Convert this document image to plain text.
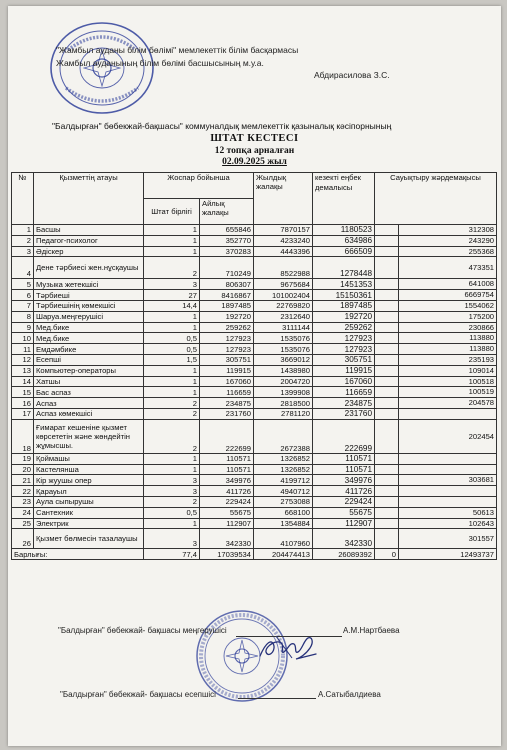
"Жамбыл ауданы білім бөлімі" мемлекеттік білім басқармасы
Жамбыл ауданының білім бөлімі басшысының м.у.а.
Абдирасилова З.С.
"Балдырған" бөбекжай-бақшасы" коммуналдық мемлекеттік қазыналық кәсіпорнының
ШТАТ КЕСТЕСІ
12 топқа арналған
02.09.2025 жыл
№	Қызметтің атауы	Жоспар бойынша		Жылдық жалақы	кезекті еңбек демалысы	Сауықтыру жәрдемақысы	
		Штат бірлігі	Айлық жалақы				
1	Басшы	1	655846	7870157	1180523		312308
2	Педагог-психолог	1	352770	4233240	634986		243290
3	Әдіскер	1	370283	4443396	666509		255368
4	Дене тәрбиесі жен.нұсқаушы	2	710249	8522988	1278448		473351
5	Музыка жетекшісі	3	806307	9675684	1451353		641008
6	Тәрбиеші	27	8416867	101002404	15150361		6669754
7	Тәрбиешінің көмекшісі	14,4	1897485	22769820	1897485		1554062
8	Шаруа.меңгерушісі	1	192720	2312640	192720		175200
9	Мед.бике	1	259262	3111144	259262		230866
10	Мед.бике	0,5	127923	1535076	127923		113880
11	Емдәмбике	0,5	127923	1535076	127923		113880
12	Есепші	1,5	305751	3669012	305751		235193
13	Компьютер-операторы	1	119915	1438980	119915		109014
14	Хатшы	1	167060	2004720	167060		100518
15	Бас аспаз	1	116659	1399908	116659		100519
16	Аспаз	2	234875	2818500	234875		204578
17	Аспаз көмекшісі	2	231760	2781120	231760		
18	Ғимарат кешеніне қызмет көрсететін және жөндейтін жұмысшы.	2	222699	2672388	222699		202454
19	Қоймашы	1	110571	1326852	110571		
20	Кастелянша	1	110571	1326852	110571		
21	Кір жуушы опер	3	349976	4199712	349976		303681
22	Қарауыл	3	411726	4940712	411726		
23	Аула сыпырушы	2	229424	2753088	229424		
24	Сантехник	0,5	55675	668100	55675		50613
25	Электрик	1	112907	1354884	112907		102643
26	Қызмет бөлмесін тазалаушы	3	342330	4107960	342330		301557
Барлығы:		77,4	17039534	204474413	26089392	0	12493737
"Балдырған" бөбекжай- бақшасы меңгерушісі	А.М.Нартбаева
"Балдырған" бөбекжай- бақшасы есепшісі	А.Сатыбалдиева
